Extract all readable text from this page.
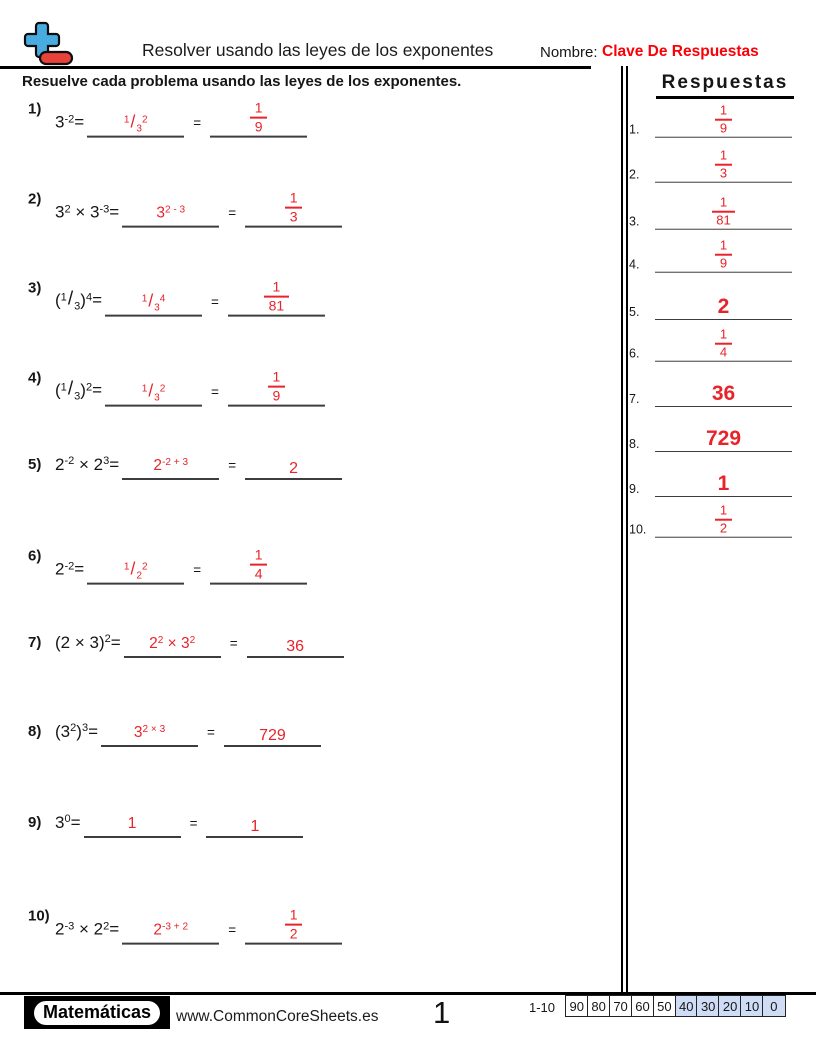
Resolver usando las leyes de los exponentes	Nombre: Clave De Respuestas
Resuelve cada problema usando las leyes de los exponentes.
1)
$3^{-2}=$	$^1/_3^2$	=	$\frac{1}{9}$
2)
$3^2 \times 3^{-3}= 3^{2 - 3}$	=	$\frac{1}{3}$
3)
$(^1/_3)^4=$	$^1/_3^4$	=	$\frac{1}{81}$
4)
$(^1/_3)^2=$	$^1/_3^2$	=	$\frac{1}{9}$
5) $2^{-2} \times 2^3= 2^{-2 + 3}$	=	2
6)
$2^{-2}=$	$^1/_2^2$	=	$\frac{1}{4}$
7) $(2 \times 3)^2= 2^2 \times 3^2$	=	36
8) $(3^2)^3= 3^{2 \times 3}$	=	729
9) $3^0=$	1	=	1
10)
$2^{-3} \times 2^2= 2^{-3 + 2}$	=	$\frac{1}{2}$
Respuestas
1.	$\frac{1}{9}$
2.	$\frac{1}{3}$
3.	$\frac{1}{81}$
4.	$\frac{1}{9}$
5.	2
6.	$\frac{1}{4}$
7.	36
8.	729
9.	1
10.	$\frac{1}{2}$
Matemáticas	www.CommonCoreSheets.es 1	1-10	90 80 70 60 50 40 30 20 10 0
